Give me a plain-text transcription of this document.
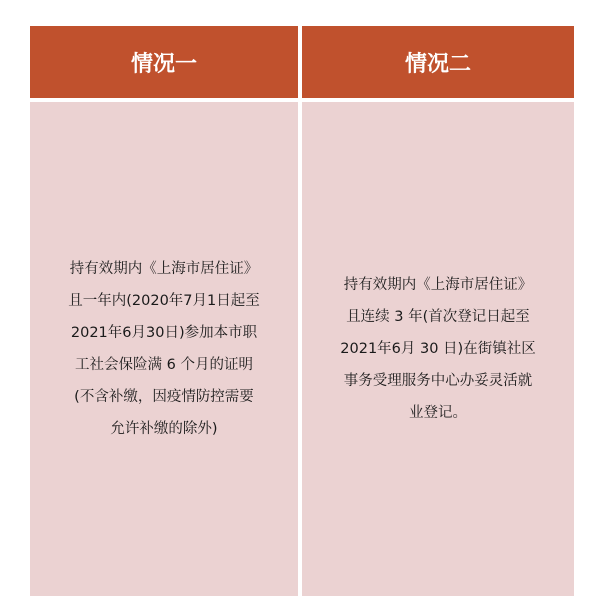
情况一	情况二
持有效期内《上海市居住证》
且一年内(2020年7月1日起至
2021年6月30日)参加本市职
工社会保险满 6 个月的证明
(不含补缴，因疫情防控需要
允许补缴的除外)
持有效期内《上海市居住证》
且连续 3 年(首次登记日起至
2021年6月 30 日)在街镇社区
事务受理服务中心办妥灵活就
业登记。
